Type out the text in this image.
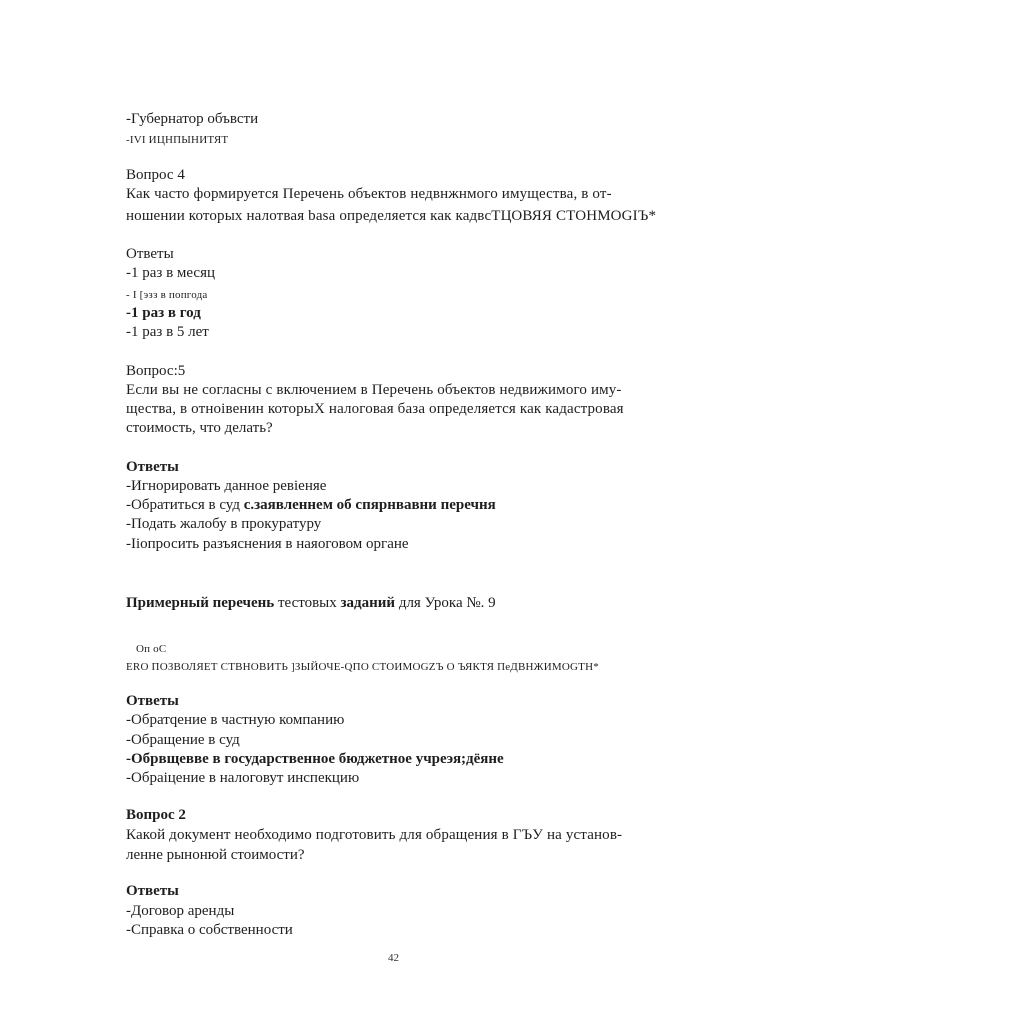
-Губернатор объвсти
-IVI ИЦНПЫНИТЯТ
Вопрос 4
Как часто формируется Перечень объектов недвнжнмого имущества, в от-
ношении которых налотвая basa определяется как кадвсТЦОВЯЯ СТОНМОGIЪ*
Ответы
-1 раз в месяц
- I [эзз в попгода
-1 раз в год
-1 раз в 5 лет
Вопрос:5
Если вы не согласны с включением в Перечень объектов недвижимого иму-
щества, в отноiвенин которыХ налоговая база определяется как кадастровая
стоимость, что делать?
Ответы
-Игнорировать данное ревiеняе
-Обратиться в суд с.заявленнем об спярнвавни перечня
-Подать жалобу в прокуратуру
-Iiопросить разъяснения в наяоговом органе
Примерный перечень тестовых заданий для Урока №. 9
Оп оС
ЕRО ПОЗВОЛЯЕТ СТВНОВИТЬ ]ЗЫЙОЧЕ-QПО СТОИМОGZЪ О ЪЯКТЯ ПеДВНЖИМОGТН*
Ответы
-Обратqение в частную компанию
-Обращение в суд
-Обрвщевве в государственное бюджетное учреэя;дёяне
-Обраiцение в налоговут инспекцию
Вопрос 2
Какой документ необходимо подготовить для обращения в ГЪУ на установ-
ленне рынонюй стоимости?
Ответы
-Договор аренды
-Справка о собственности
42
